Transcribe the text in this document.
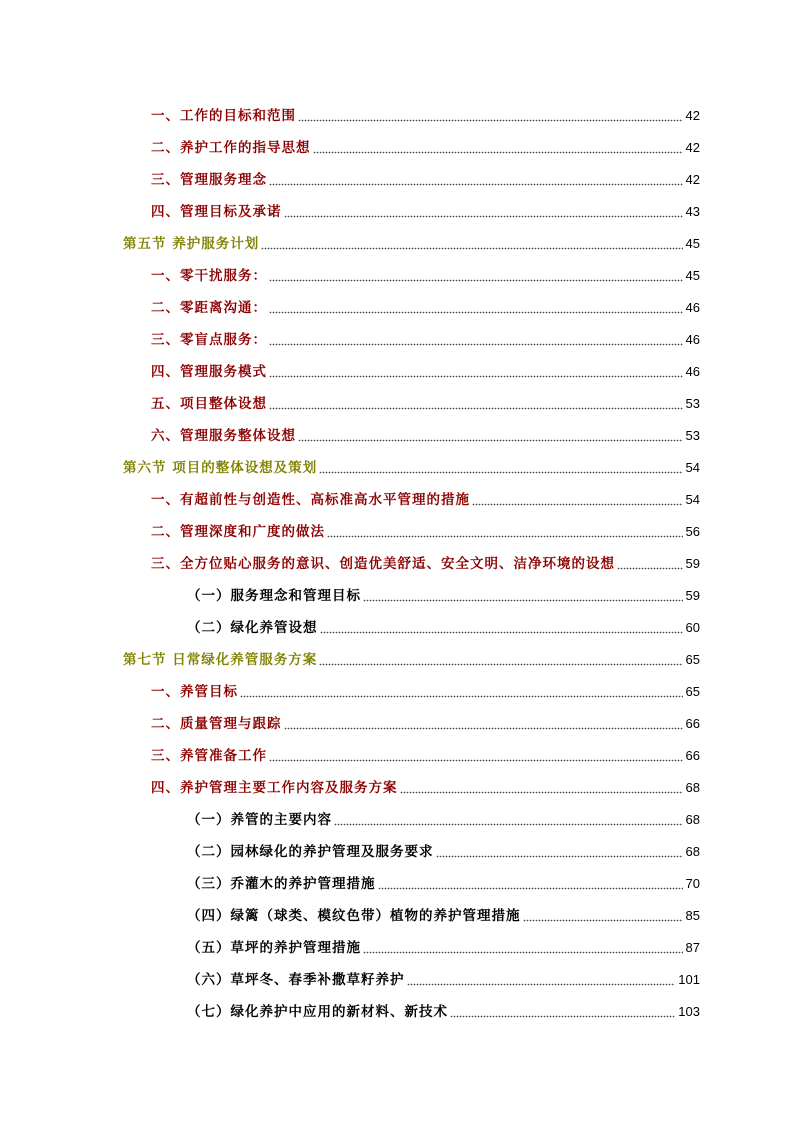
一、工作的目标和范围	42
二、养护工作的指导思想	42
三、管理服务理念	42
四、管理目标及承诺	43
第五节 养护服务计划	45
一、零干扰服务：	45
二、零距离沟通：	46
三、零盲点服务：	46
四、管理服务模式	46
五、项目整体设想	53
六、管理服务整体设想	53
第六节 项目的整体设想及策划	54
一、有超前性与创造性、高标准高水平管理的措施	54
二、管理深度和广度的做法	56
三、全方位贴心服务的意识、创造优美舒适、安全文明、洁净环境的设想	59
（一）服务理念和管理目标	59
（二）绿化养管设想	60
第七节 日常绿化养管服务方案	65
一、养管目标	65
二、质量管理与跟踪	66
三、养管准备工作	66
四、养护管理主要工作内容及服务方案	68
（一）养管的主要内容	68
（二）园林绿化的养护管理及服务要求	68
（三）乔灌木的养护管理措施	70
（四）绿篱（球类、模纹色带）植物的养护管理措施	85
（五）草坪的养护管理措施	87
（六）草坪冬、春季补撒草籽养护	101
（七）绿化养护中应用的新材料、新技术	103
